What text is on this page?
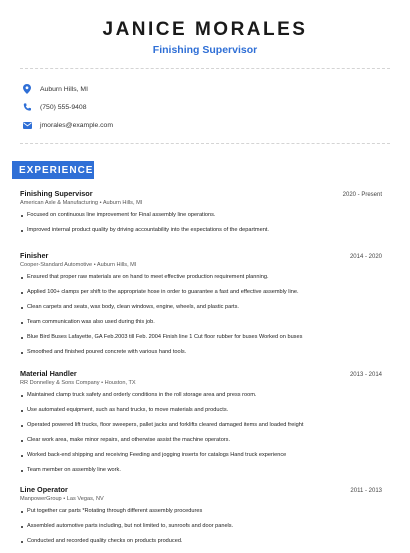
JANICE MORALES
Finishing Supervisor
Auburn Hills, MI
(750) 555-9408
jmorales@example.com
EXPERIENCE
Finishing Supervisor	2020 - Present
American Axle & Manufacturing • Auburn Hills, MI
Focused on continuous line improvement for Final assembly line operations.
Improved internal product quality by driving accountability into the expectations of the department.
Finisher	2014 - 2020
Cooper-Standard Automotive • Auburn Hills, MI
Ensured that proper raw materials are on hand to meet effective production requirement planning.
Applied 100+ clamps per shift to the appropriate hose in order to guarantee a fast and effective assembly line.
Clean carpets and seats, wax body, clean windows, engine, wheels, and plastic parts.
Team communication was also used during this job.
Blue Bird Buses Lafayette, GA Feb.2003 till Feb. 2004 Finish line 1 Cut floor rubber for buses Worked on buses
Smoothed and finished poured concrete with various hand tools.
Material Handler	2013 - 2014
RR Donnelley & Sons Company • Houston, TX
Maintained clamp truck safety and orderly conditions in the roll storage area and press room.
Use automated equipment, such as hand trucks, to move materials and products.
Operated powered lift trucks, floor sweepers, pallet jacks and forklifts cleared damaged items and loaded freight
Clear work area, make minor repairs, and otherwise assist the machine operators.
Worked back-end shipping and receiving Feeding and jogging inserts for catalogs Hand truck experience
Team member on assembly line work.
Line Operator	2011 - 2013
ManpowerGroup • Las Vegas, NV
Put together car parts *Rotating through different assembly procedures
Assembled automotive parts including, but not limited to, sunroofs and door panels.
Conducted and recorded quality checks on products produced.
